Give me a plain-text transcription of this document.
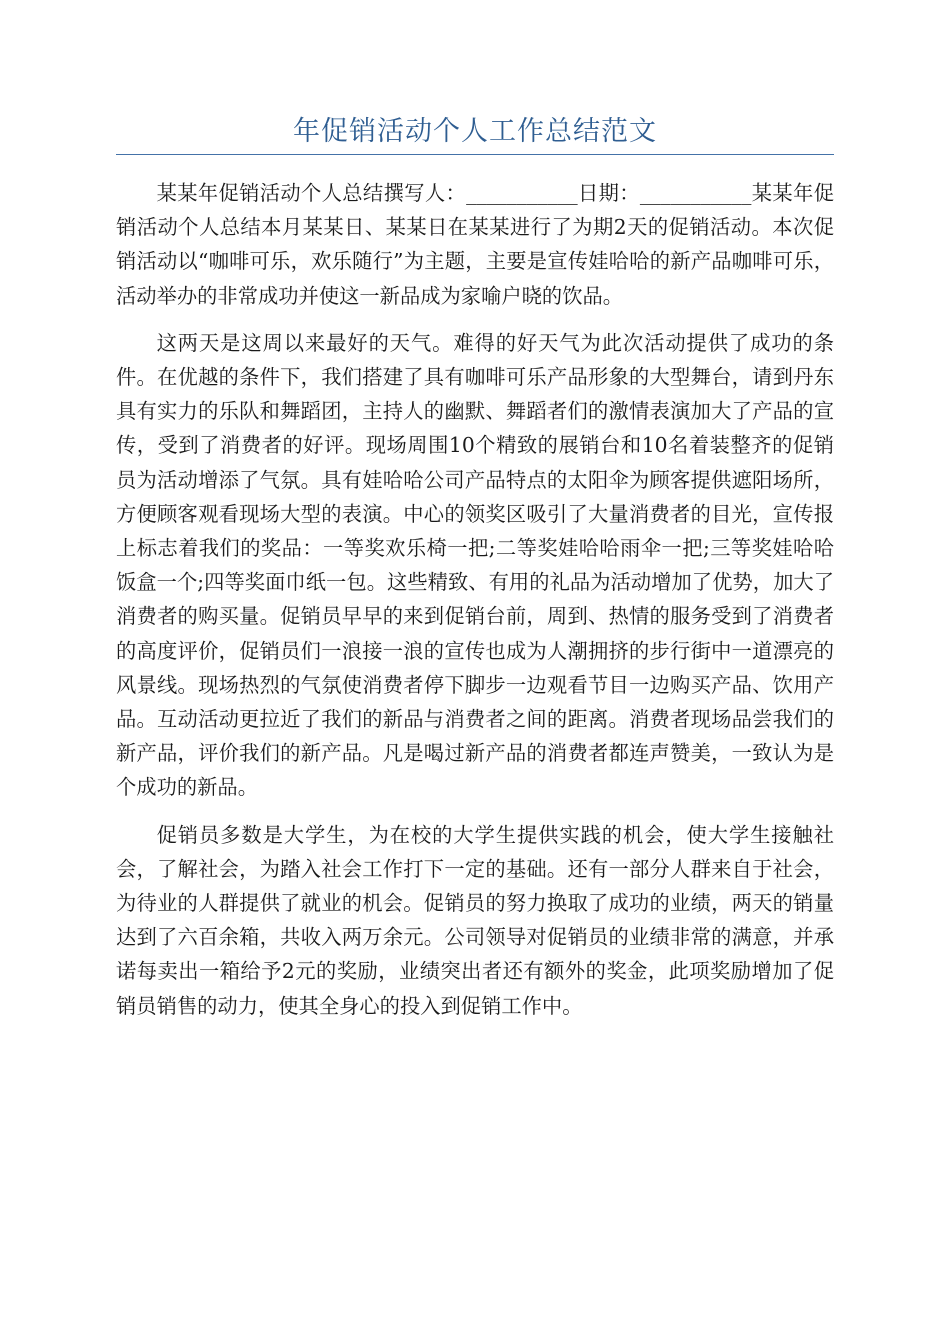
年促销活动个人工作总结范文

某某年促销活动个人总结撰写人：___________日期：___________某某年促销活动个人总结本月某某日、某某日在某某进行了为期2天的促销活动。本次促销活动以“咖啡可乐，欢乐随行”为主题，主要是宣传娃哈哈的新产品咖啡可乐，活动举办的非常成功并使这一新品成为家喻户晓的饮品。

这两天是这周以来最好的天气。难得的好天气为此次活动提供了成功的条件。在优越的条件下，我们搭建了具有咖啡可乐产品形象的大型舞台，请到丹东具有实力的乐队和舞蹈团，主持人的幽默、舞蹈者们的激情表演加大了产品的宣传，受到了消费者的好评。现场周围10个精致的展销台和10名着装整齐的促销员为活动增添了气氛。具有娃哈哈公司产品特点的太阳伞为顾客提供遮阳场所，方便顾客观看现场大型的表演。中心的领奖区吸引了大量消费者的目光，宣传报上标志着我们的奖品：一等奖欢乐椅一把;二等奖娃哈哈雨伞一把;三等奖娃哈哈饭盒一个;四等奖面巾纸一包。这些精致、有用的礼品为活动增加了优势，加大了消费者的购买量。促销员早早的来到促销台前，周到、热情的服务受到了消费者的高度评价，促销员们一浪接一浪的宣传也成为人潮拥挤的步行街中一道漂亮的风景线。现场热烈的气氛使消费者停下脚步一边观看节目一边购买产品、饮用产品。互动活动更拉近了我们的新品与消费者之间的距离。消费者现场品尝我们的新产品，评价我们的新产品。凡是喝过新产品的消费者都连声赞美，一致认为是个成功的新品。

促销员多数是大学生，为在校的大学生提供实践的机会，使大学生接触社会，了解社会，为踏入社会工作打下一定的基础。还有一部分人群来自于社会，为待业的人群提供了就业的机会。促销员的努力换取了成功的业绩，两天的销量达到了六百余箱，共收入两万余元。公司领导对促销员的业绩非常的满意，并承诺每卖出一箱给予2元的奖励，业绩突出者还有额外的奖金，此项奖励增加了促销员销售的动力，使其全身心的投入到促销工作中。
